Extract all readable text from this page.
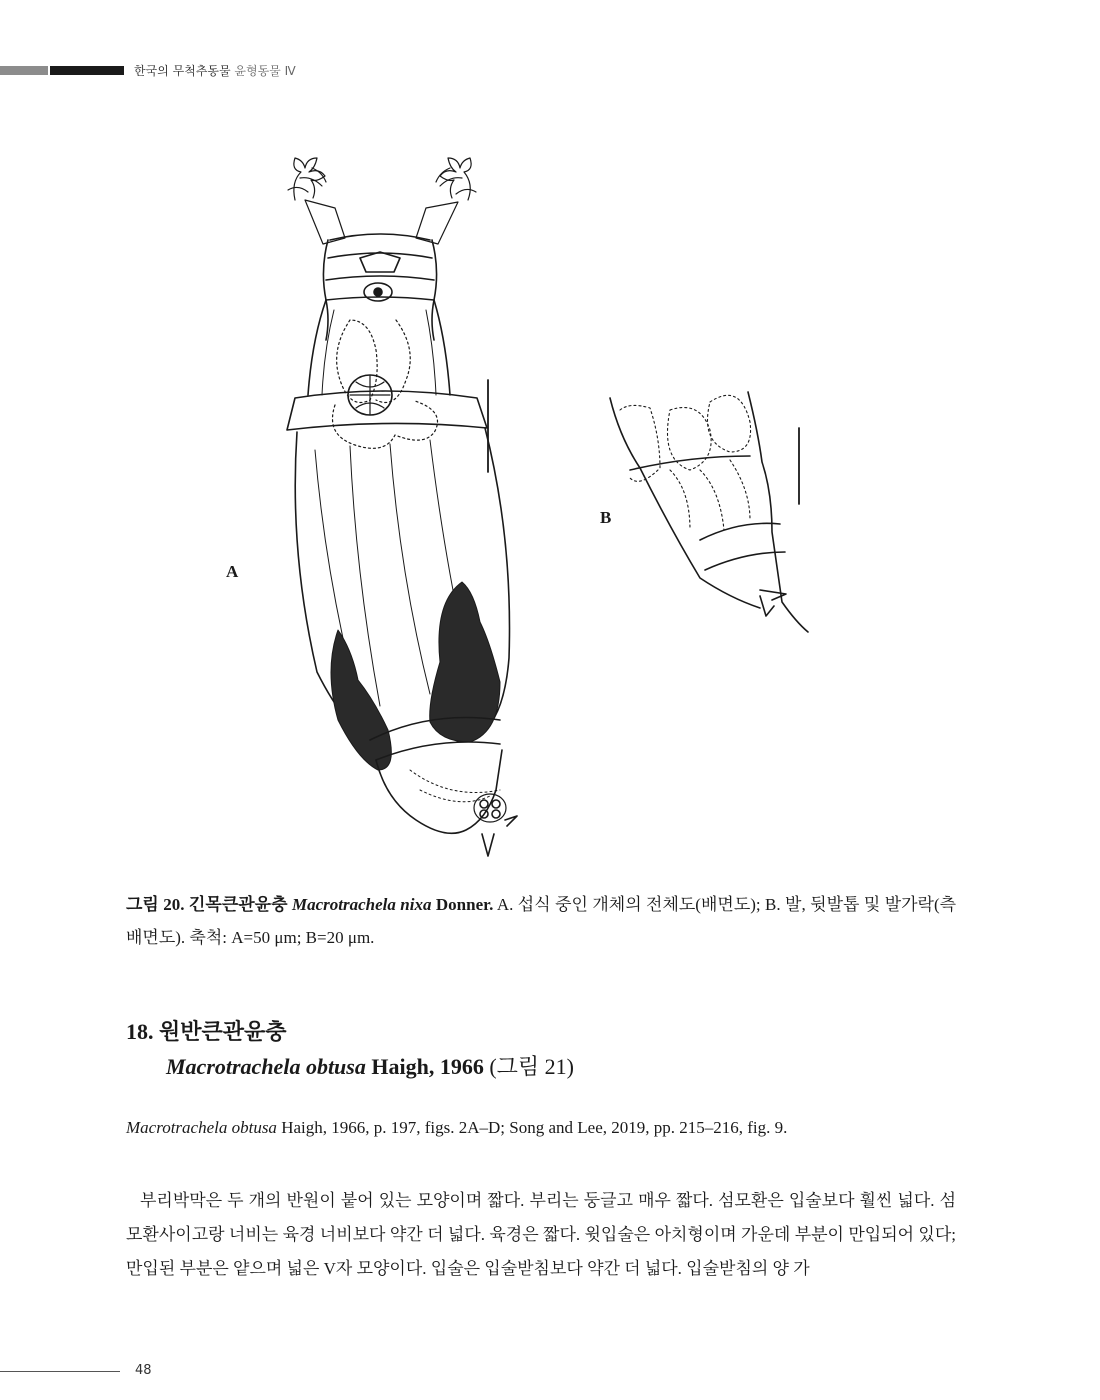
한국의 무척추동물 윤형동물 Ⅳ
A
B
그림 20. 긴목큰관윤충 Macrotrachela nixa Donner. A. 섭식 중인 개체의 전체도(배면도); B. 발, 뒷발톱 및 발가락(측배면도). 축척: A=50 μm; B=20 μm.
18. 원반큰관윤충
Macrotrachela obtusa Haigh, 1966 (그림 21)
Macrotrachela obtusa Haigh, 1966, p. 197, figs. 2A–D; Song and Lee, 2019, pp. 215–216, fig. 9.
부리박막은 두 개의 반원이 붙어 있는 모양이며 짧다. 부리는 둥글고 매우 짧다. 섬모환은 입술보다 훨씬 넓다. 섬모환사이고랑 너비는 육경 너비보다 약간 더 넓다. 육경은 짧다. 윗입술은 아치형이며 가운데 부분이 만입되어 있다; 만입된 부분은 얕으며 넓은 V자 모양이다. 입술은 입술받침보다 약간 더 넓다. 입술받침의 양 가
48
